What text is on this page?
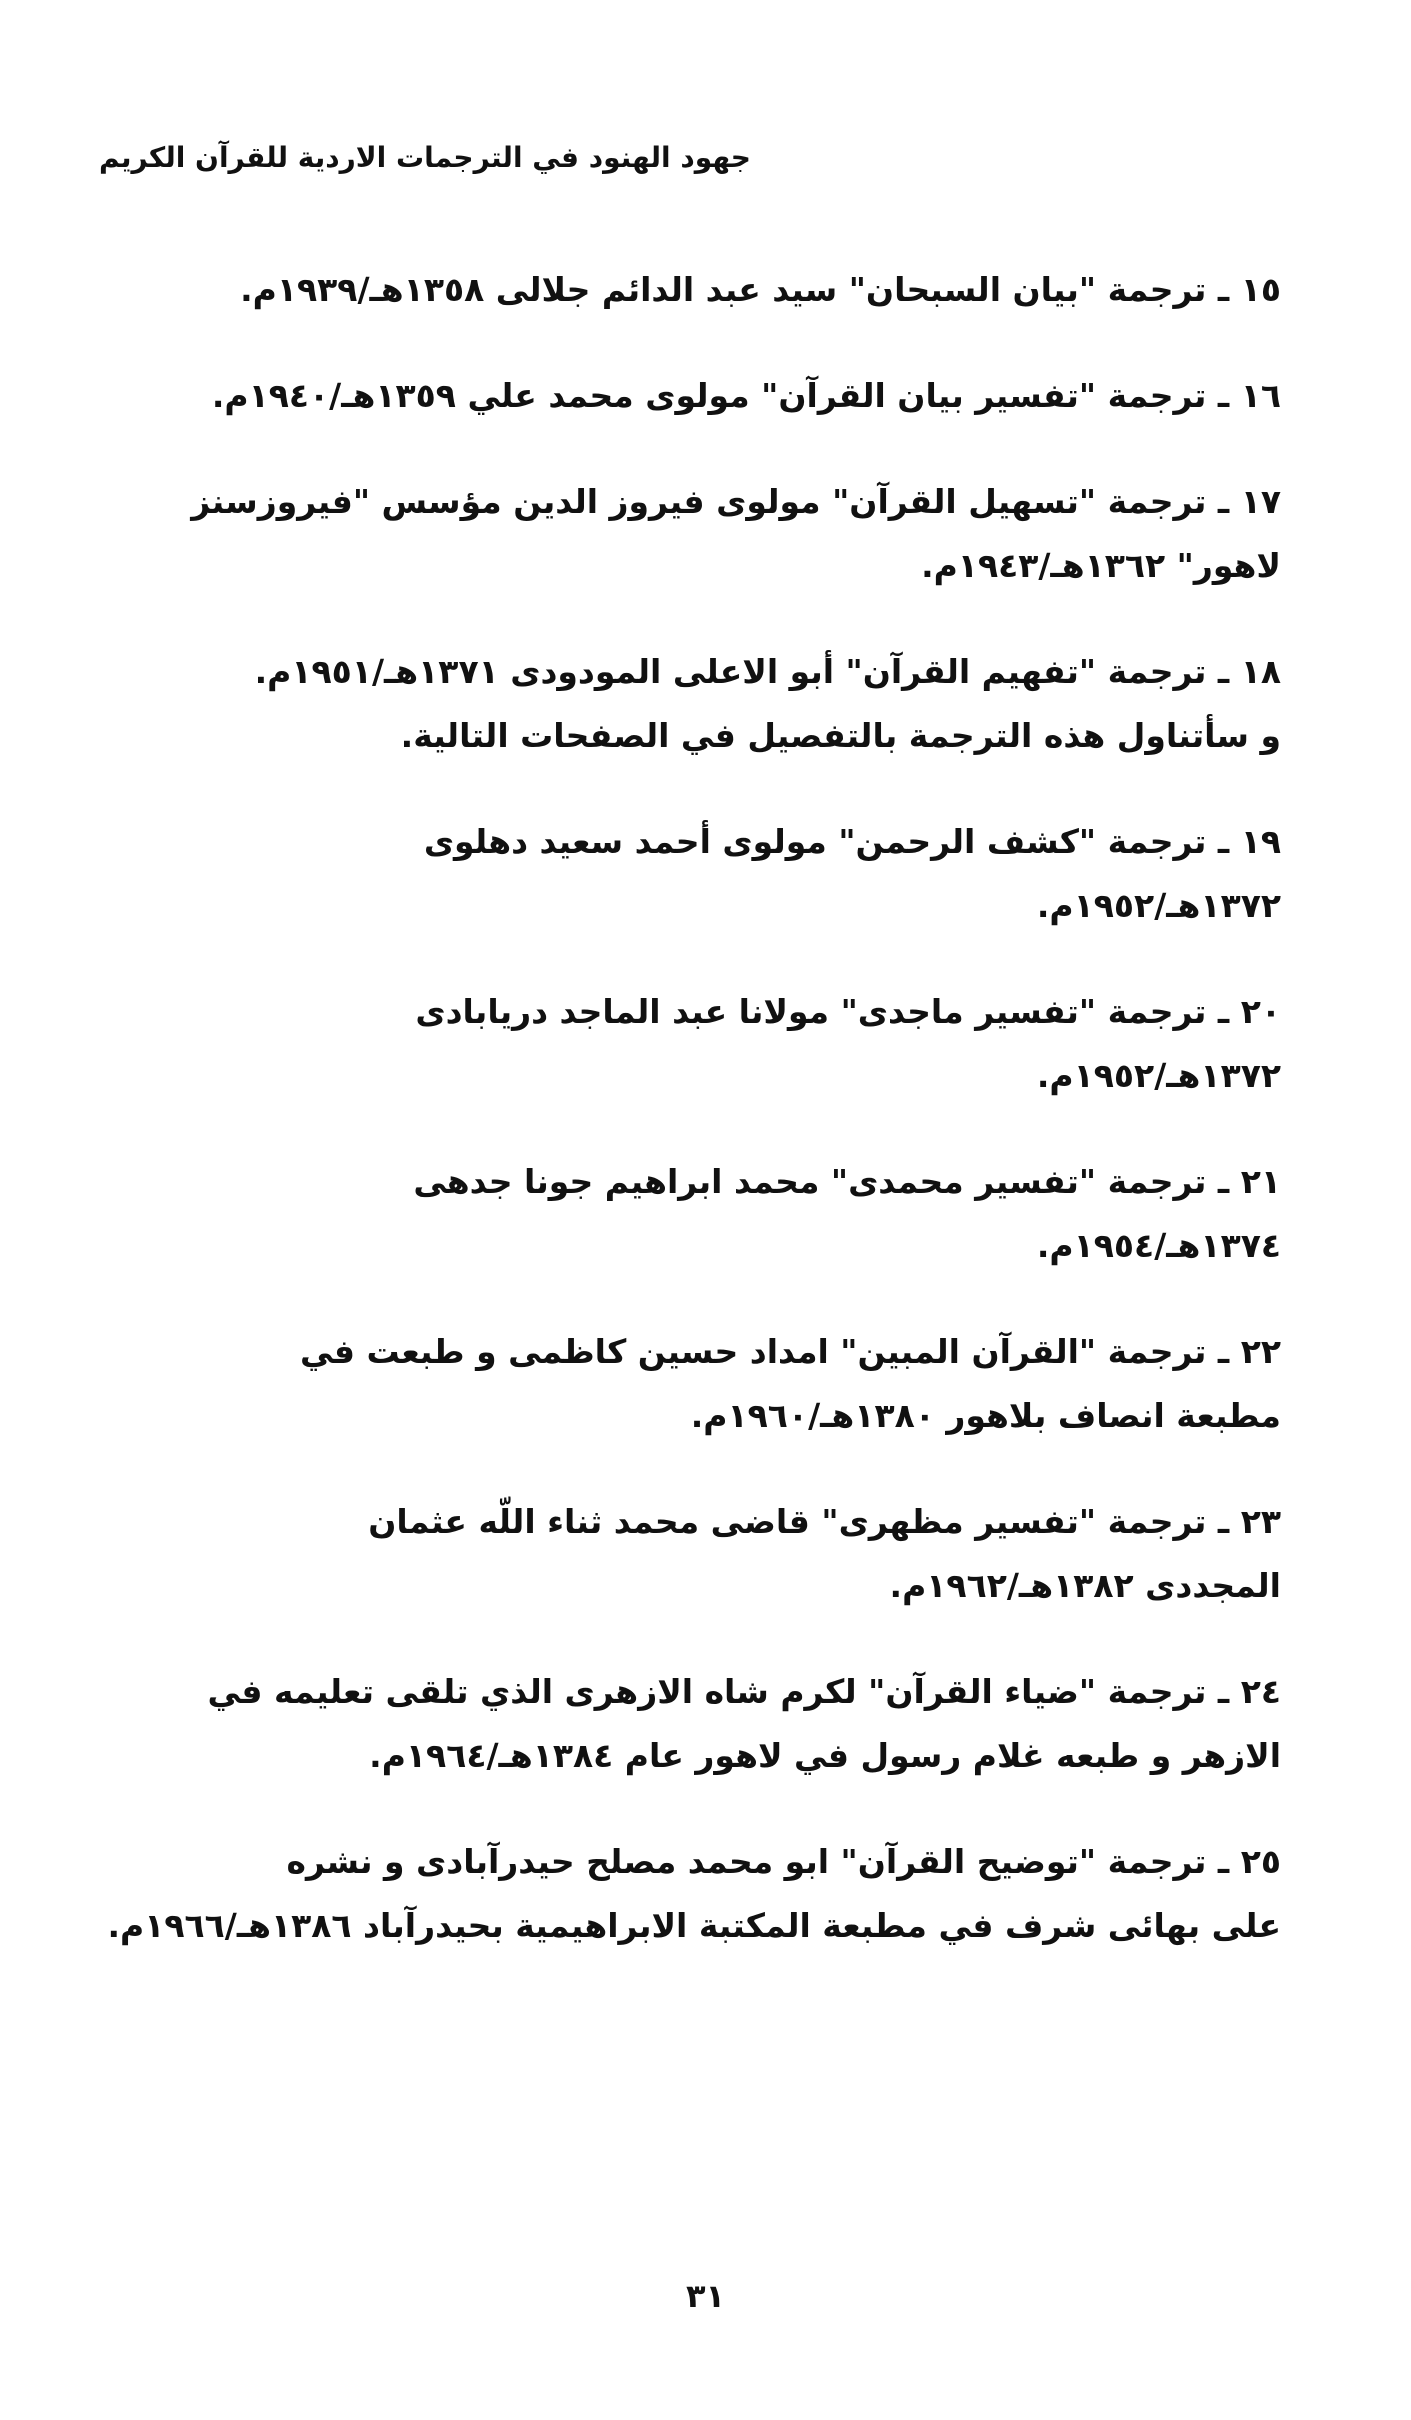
جهود الهنود في الترجمات الاردية للقرآن الكريم
١٥ ـ ترجمة "بيان السبحان" سيد عبد الدائم جلالى ١٣٥٨هـ/١٩٣٩م.
١٦ ـ ترجمة "تفسير بيان القرآن" مولوى محمد علي ١٣٥٩هـ/١٩٤٠م.
١٧ ـ ترجمة "تسهيل القرآن" مولوى فيروز الدين مؤسس "فيروزسنز
لاهور" ١٣٦٢هـ/١٩٤٣م.
١٨ ـ ترجمة "تفهيم القرآن" أبو الاعلى المودودى ١٣٧١هـ/١٩٥١م.
و سأتناول هذه الترجمة بالتفصيل في الصفحات التالية.
١٩ ـ ترجمة "كشف الرحمن" مولوى أحمد سعيد دهلوى
١٣٧٢هـ/١٩٥٢م.
٢٠ ـ ترجمة "تفسير ماجدى" مولانا عبد الماجد دريابادى
١٣٧٢هـ/١٩٥٢م.
٢١ ـ ترجمة "تفسير محمدى" محمد ابراهيم جونا جدهى
١٣٧٤هـ/١٩٥٤م.
٢٢ ـ ترجمة "القرآن المبين" امداد حسين كاظمى و طبعت في
مطبعة انصاف بلاهور ١٣٨٠هـ/١٩٦٠م.
٢٣ ـ ترجمة "تفسير مظهرى" قاضى محمد ثناء اللّه عثمان
المجددى ١٣٨٢هـ/١٩٦٢م.
٢٤ ـ ترجمة "ضياء القرآن" لكرم شاه الازهرى الذي تلقى تعليمه في
الازهر و طبعه غلام رسول في لاهور عام ١٣٨٤هـ/١٩٦٤م.
٢٥ ـ ترجمة "توضيح القرآن" ابو محمد مصلح حيدرآبادى و نشره
على بهائى شرف في مطبعة المكتبة الابراهيمية بحيدرآباد ١٣٨٦هـ/١٩٦٦م.
٣١
